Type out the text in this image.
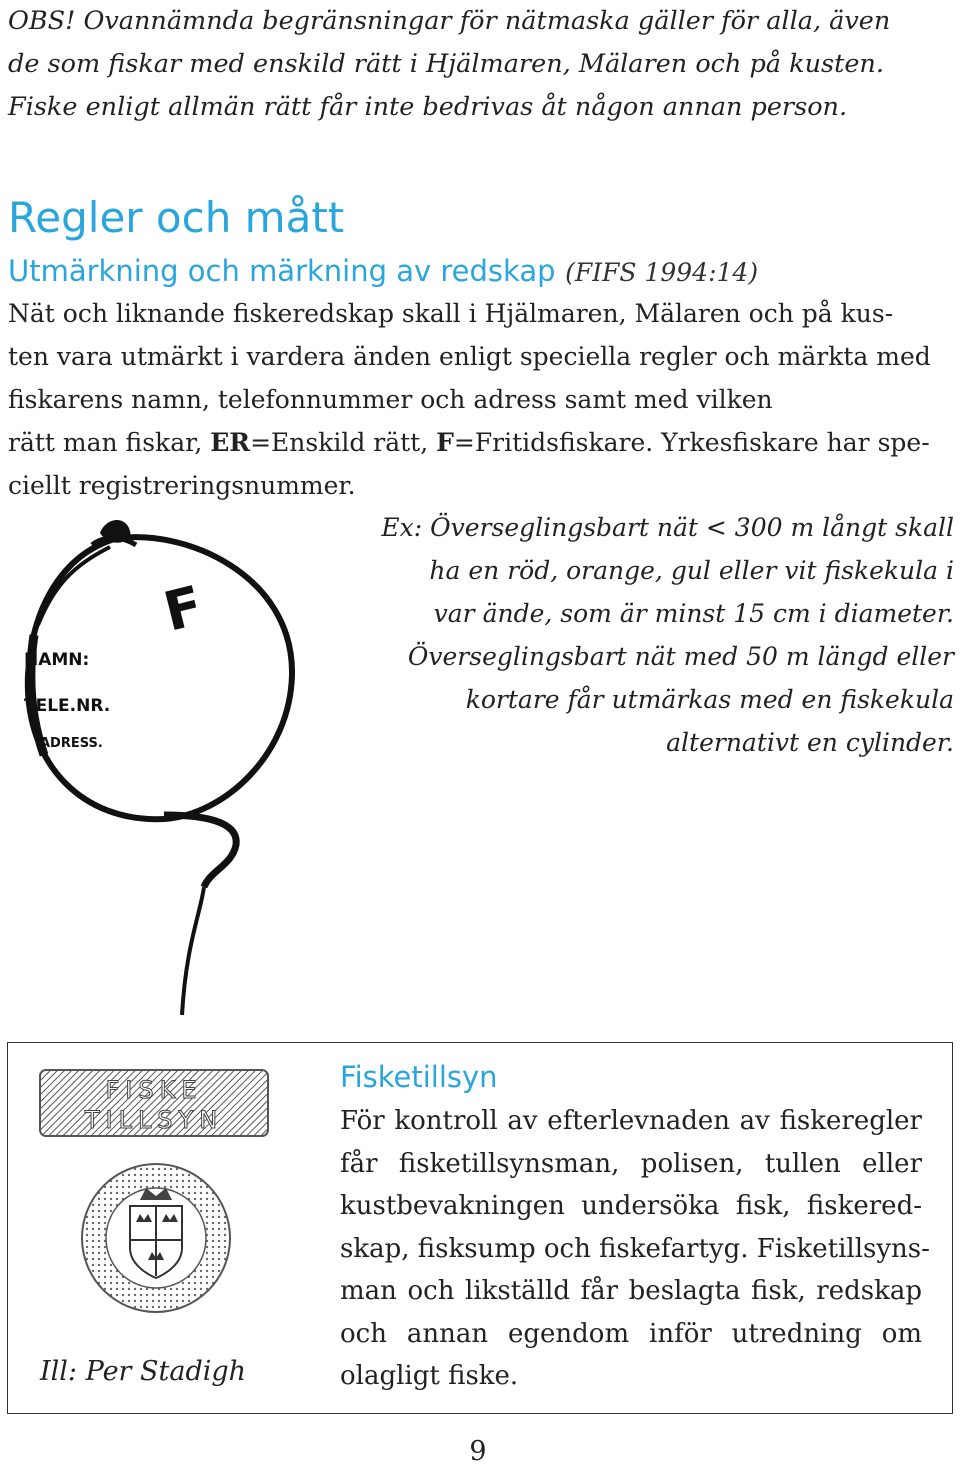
OBS! Ovannämnda begränsningar för nätmaska gäller för alla, även
de som fiskar med enskild rätt i Hjälmaren, Mälaren och på kusten.
Fiske enligt allmän rätt får inte bedrivas åt någon annan person.
Regler och mått
Utmärkning och märkning av redskap (FIFS 1994:14)
Nät och liknande fiskeredskap skall i Hjälmaren, Mälaren och på kus-
ten vara utmärkt i vardera änden enligt speciella regler och märkta med
fiskarens namn, telefonnummer och adress samt med vilken
rätt man fiskar, ER=Enskild rätt, F=Fritidsfiskare. Yrkesfiskare har spe-
ciellt registreringsnummer.
F
NAMN:
TELE.NR.
ADRESS.
Ex: Överseglingsbart nät < 300 m långt skall
ha en röd, orange, gul eller vit fiskekula i
var ände, som är minst 15 cm i diameter.
Överseglingsbart nät med 50 m längd eller
kortare får utmärkas med en fiskekula
alternativt en cylinder.
FISKE
TILLSYN
Ill: Per Stadigh
Fisketillsyn
För kontroll av efterlevnaden av fiskeregler
får fisketillsynsman, polisen, tullen eller
kustbevakningen undersöka fisk, fiskered-
skap, fisksump och fiskefartyg. Fisketillsyns-
man och likställd får beslagta fisk, redskap
och annan egendom inför utredning om
olagligt fiske.
9
